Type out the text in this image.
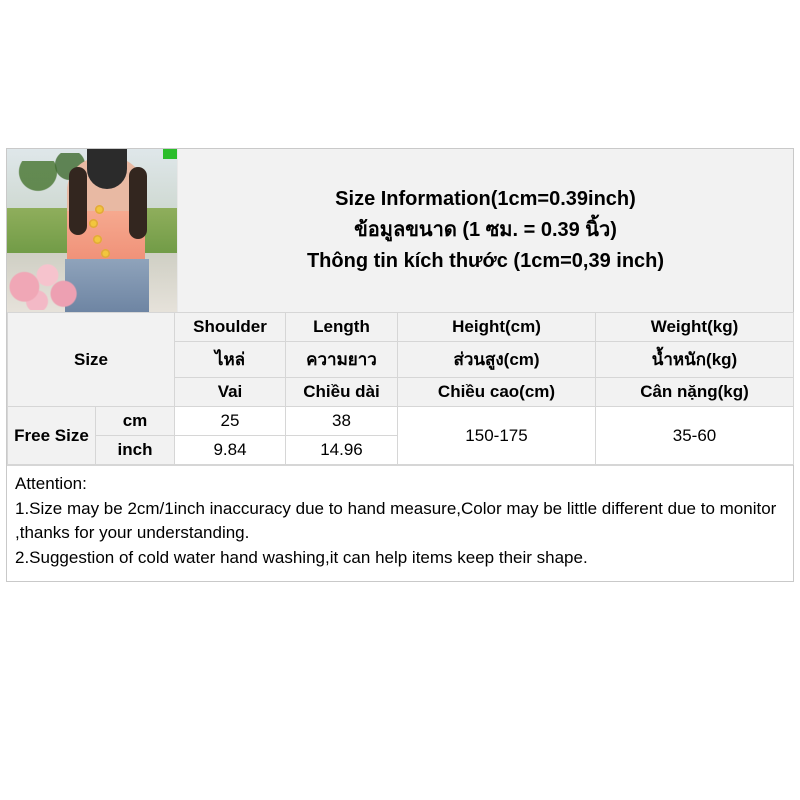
Size Information(1cm=0.39inch)
ข้อมูลขนาด (1 ซม. = 0.39 นิ้ว)
Thông tin kích thước (1cm=0,39 inch)
Size		Shoulder	Length	Height(cm)	Weight(kg)
		ไหล่	ความยาว	ส่วนสูง(cm)	น้ำหนัก(kg)
		Vai	Chiều dài	Chiều cao(cm)	Cân nặng(kg)
Free Size	cm	25	38	150-175	35-60
	inch	9.84	14.96		
Attention:
1.Size may be 2cm/1inch inaccuracy due to hand measure,Color may be little different due to monitor ,thanks for your understanding.
2.Suggestion of cold water hand washing,it can help items keep their shape.
